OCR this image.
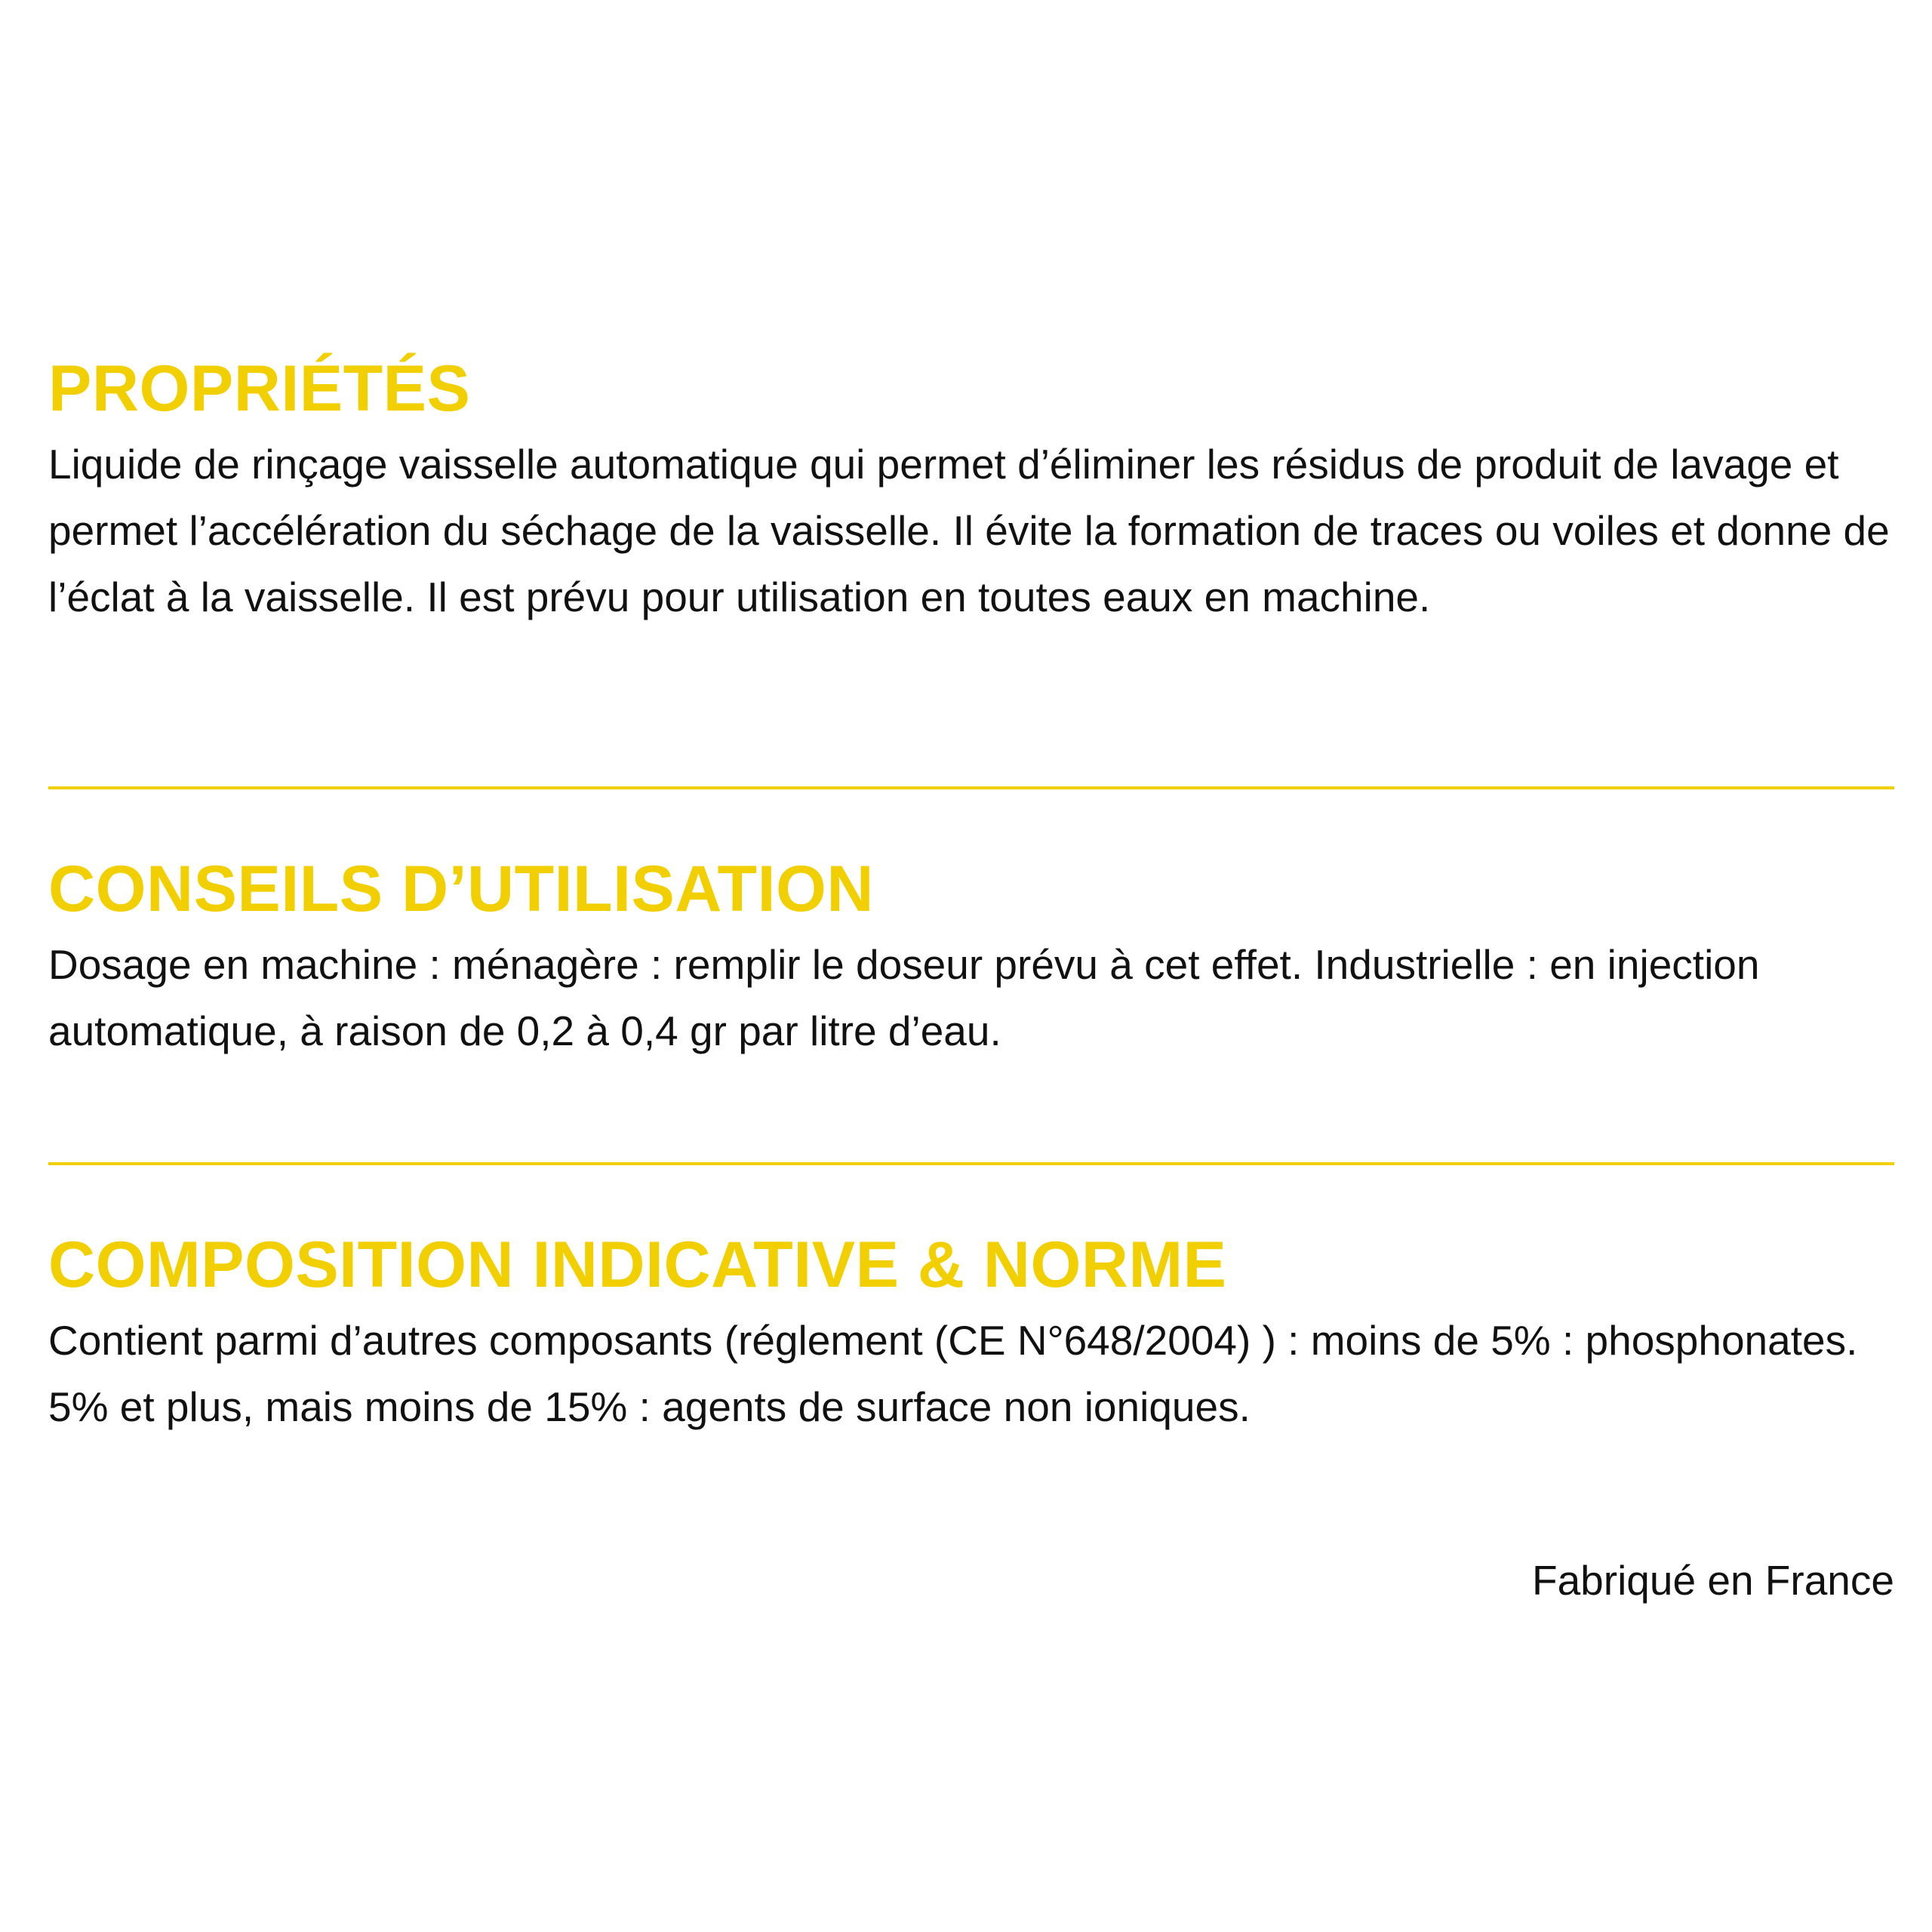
PROPRIÉTÉS

Liquide de rinçage vaisselle automatique qui permet d’éliminer les résidus de produit de lavage et permet l’accélération du séchage de la vaisselle. Il évite la formation de traces ou voiles et donne de l’éclat à la vaisselle. Il est prévu pour utilisation en toutes eaux en machine.

CONSEILS D’UTILISATION

Dosage en machine : ménagère : remplir le doseur prévu à cet effet. Industrielle : en injection automatique, à raison de 0,2 à 0,4 gr par litre d’eau.

COMPOSITION INDICATIVE & NORME

Contient parmi d’autres composants (réglement (CE N°648/2004) ) : moins de 5% : phosphonates. 5% et plus, mais moins de 15% : agents de surface non ioniques.

Fabriqué en France
